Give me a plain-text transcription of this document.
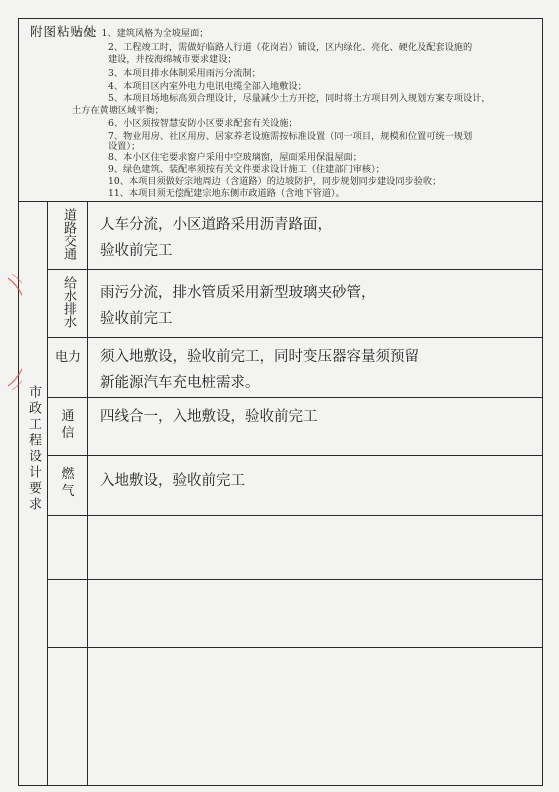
附图粘贴处
方位：1、建筑风格为全坡屋面；
2、工程竣工时，需做好临路人行道（花岗岩）铺设，区内绿化、亮化、硬化及配套设施的
建设，并按海绵城市要求建设；
3、本项目排水体制采用雨污分流制；
4、本项目区内室外电力电讯电缆全部入地敷设；
5、本项目场地标高须合理设计，尽量减少土方开挖，同时将土方项目列入规划方案专项设计，
土方在黄塘区域平衡；
6、小区须按智慧安防小区要求配套有关设施；
7、物业用房、社区用房、居家养老设施需按标准设置（同一项目，规模和位置可统一规划
设置）；
8、本小区住宅要求窗户采用中空玻璃窗，屋面采用保温屋面；
9、绿色建筑、装配率须按有关文件要求设计施工（住建部门审核）；
10、本项目须做好宗地周边（含道路）的边坡防护，同步规划同步建设同步验收；
11、本项目须无偿配建宗地东侧市政道路（含地下管道）。
市政工程设计要求
道路交通 人车分流，小区道路采用沥青路面，
验收前完工
给水排水 雨污分流，排水管质采用新型玻璃夹砂管，
验收前完工
电力	须入地敷设，验收前完工，同时变压器容量须预留
新能源汽车充电桩需求。
通信
四线合一，入地敷设，验收前完工
燃气
入地敷设，验收前完工
